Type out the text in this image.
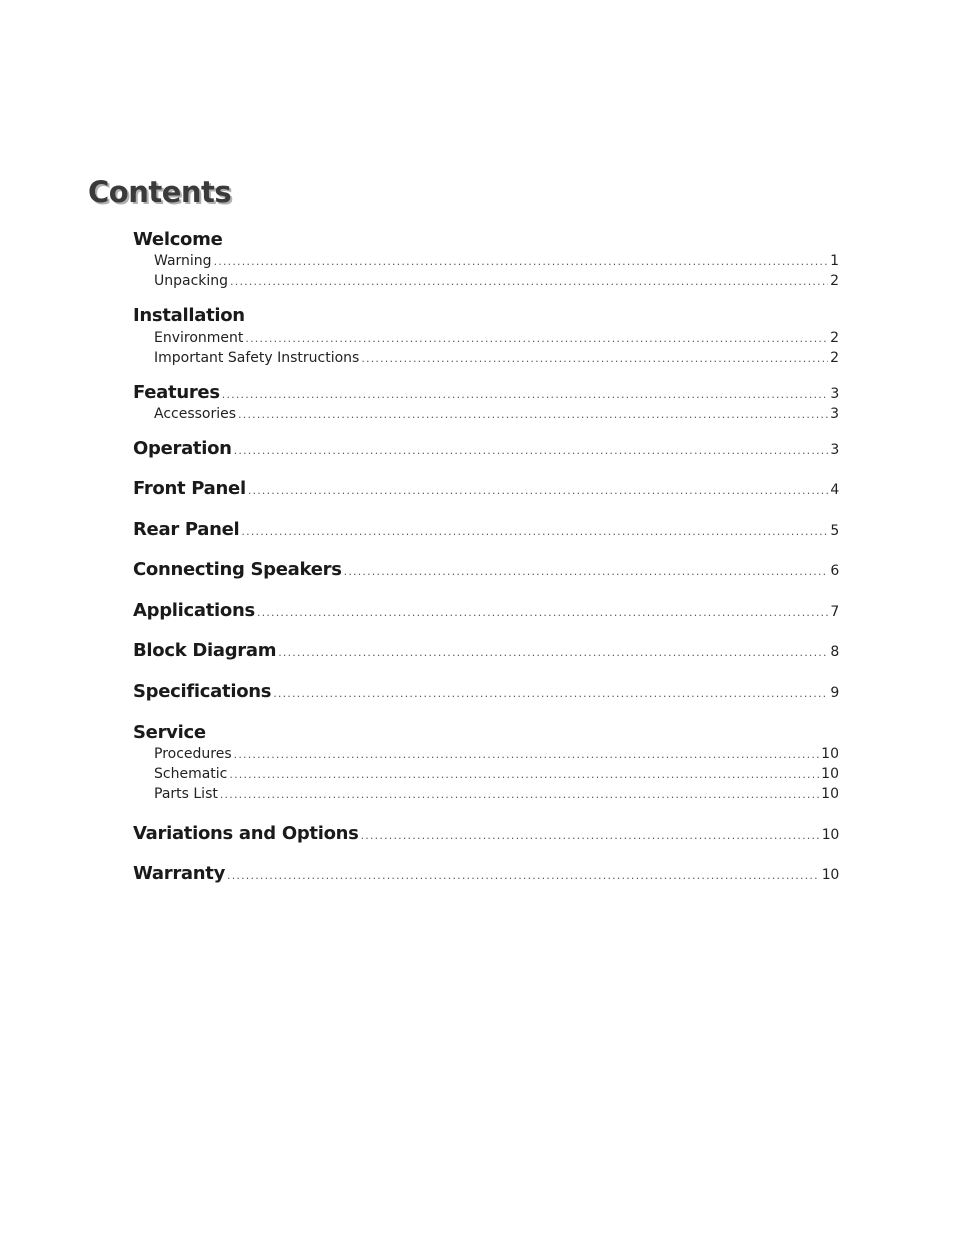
Contents
Welcome
Warning .....	1
Unpacking .....	2
Installation
Environment .....	2
Important Safety Instructions .....	2
Features .....	3
Accessories .....	3
Operation .....	3
Front Panel .....	4
Rear Panel .....	5
Connecting Speakers .....	6
Applications .....	7
Block Diagram .....	8
Specifications .....	9
Service
Procedures .....	10
Schematic .....	10
Parts List .....	10
Variations and Options .....	10
Warranty .....	10
